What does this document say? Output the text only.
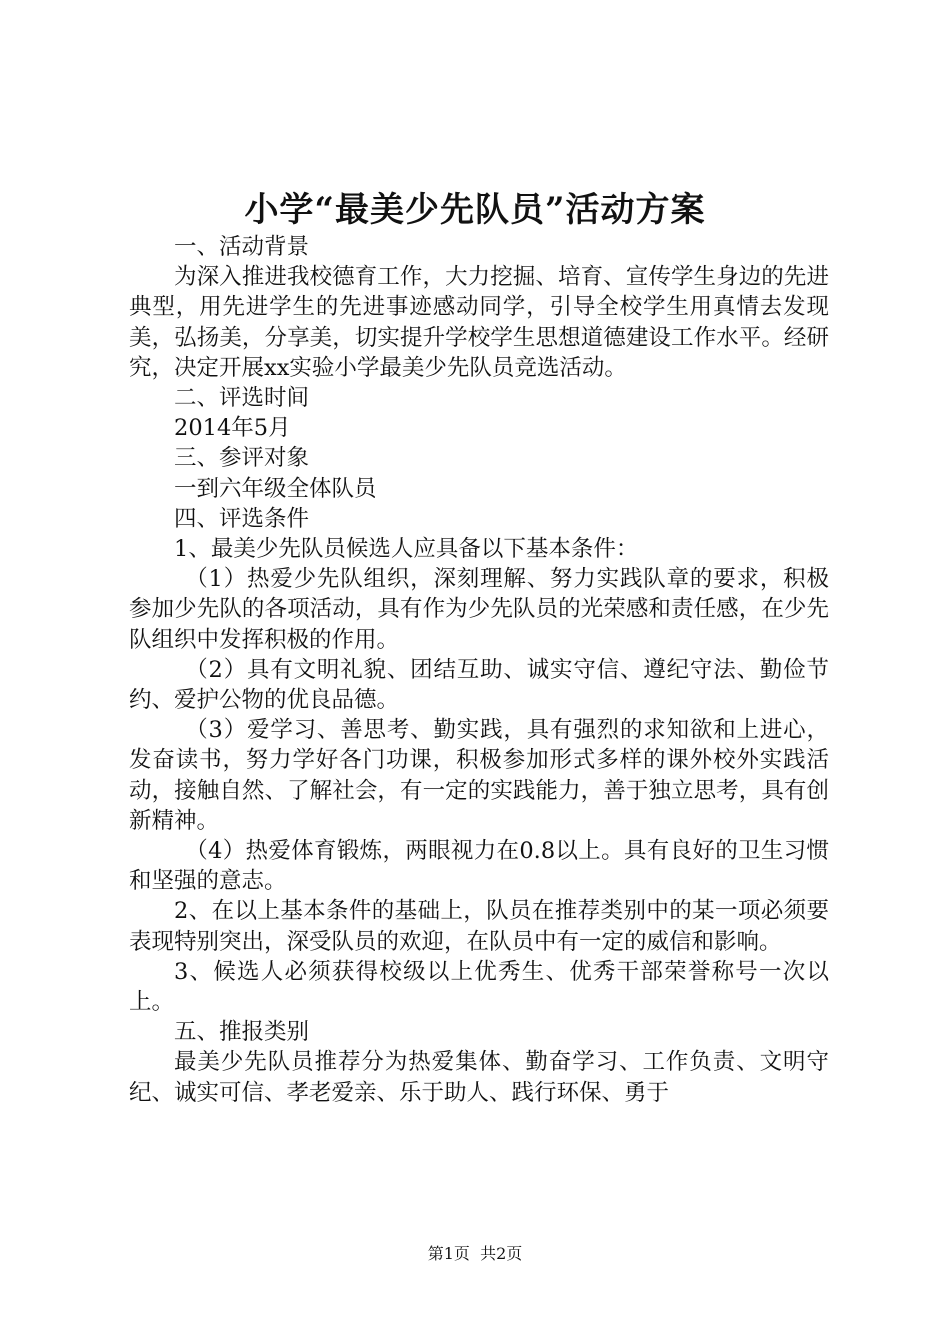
小学“最美少先队员”活动方案

一、活动背景

为深入推进我校德育工作，大力挖掘、培育、宣传学生身边的先进典型，用先进学生的先进事迹感动同学，引导全校学生用真情去发现美，弘扬美，分享美，切实提升学校学生思想道德建设工作水平。经研究，决定开展xx实验小学最美少先队员竞选活动。

二、评选时间

2014年5月

三、参评对象

一到六年级全体队员

四、评选条件

1、最美少先队员候选人应具备以下基本条件：

（1）热爱少先队组织，深刻理解、努力实践队章的要求，积极参加少先队的各项活动，具有作为少先队员的光荣感和责任感，在少先队组织中发挥积极的作用。

（2）具有文明礼貌、团结互助、诚实守信、遵纪守法、勤俭节约、爱护公物的优良品德。

（3）爱学习、善思考、勤实践，具有强烈的求知欲和上进心，发奋读书，努力学好各门功课，积极参加形式多样的课外校外实践活动，接触自然、了解社会，有一定的实践能力，善于独立思考，具有创新精神。

（4）热爱体育锻炼，两眼视力在0.8以上。具有良好的卫生习惯和坚强的意志。

2、在以上基本条件的基础上，队员在推荐类别中的某一项必须要表现特别突出，深受队员的欢迎，在队员中有一定的威信和影响。

3、候选人必须获得校级以上优秀生、优秀干部荣誉称号一次以上。

五、推报类别

最美少先队员推荐分为热爱集体、勤奋学习、工作负责、文明守纪、诚实可信、孝老爱亲、乐于助人、践行环保、勇于

第1页 共2页
